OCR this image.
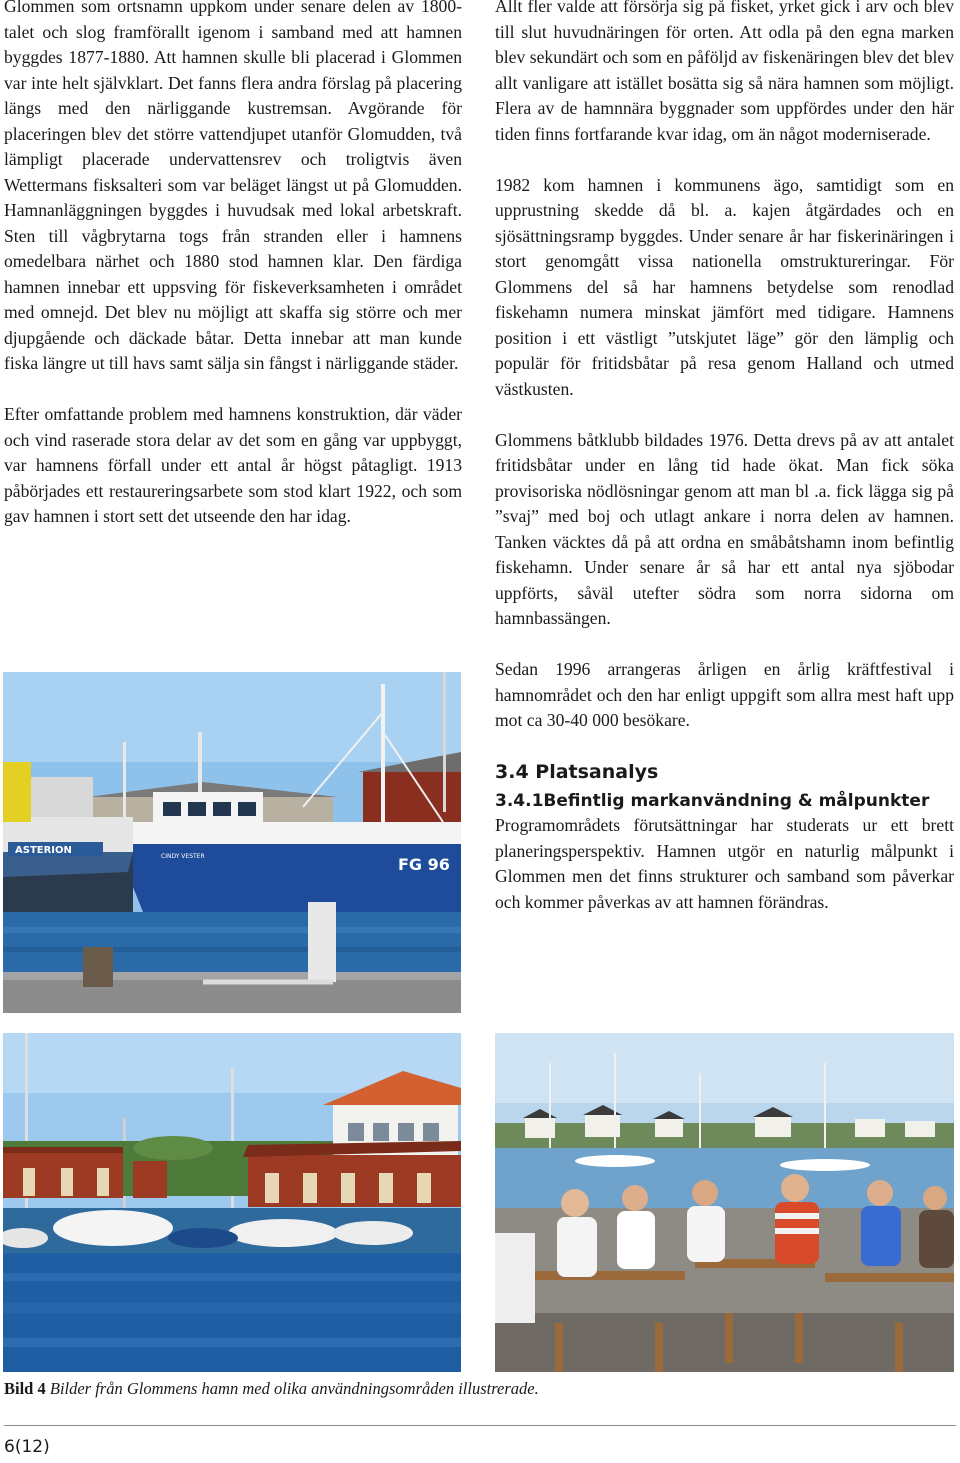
Glommen som ortsnamn uppkom under senare delen av 1800-talet och slog framförallt igenom i samband med att hamnen byggdes 1877-1880. Att hamnen skulle bli placerad i Glommen var inte helt självklart. Det fanns flera andra förslag på placering längs med den närliggande kustremsan. Avgörande för placeringen blev det större vattendjupet utanför Glomudden, två lämpligt placerade undervattensrev och troligtvis även Wettermans fisksalteri som var beläget längst ut på Glomudden. Hamnanläggningen byggdes i huvudsak med lokal arbetskraft. Sten till vågbrytarna togs från stranden eller i hamnens omedelbara närhet och 1880 stod hamnen klar. Den färdiga hamnen innebar ett uppsving för fiskeverksamheten i området med omnejd. Det blev nu möjligt att skaffa sig större och mer djupgående och däckade båtar. Detta innebar att man kunde fiska längre ut till havs samt sälja sin fångst i närliggande städer.

Efter omfattande problem med hamnens konstruktion, där väder och vind raserade stora delar av det som en gång var uppbyggt, var hamnens förfall under ett antal år högst påtagligt. 1913 påbörjades ett restaureringsarbete som stod klart 1922, och som gav hamnen i stort sett det utseende den har idag.

Allt fler valde att försörja sig på fisket, yrket gick i arv och blev till slut huvudnäringen för orten. Att odla på den egna marken blev sekundärt och som en påföljd av fiskenäringen blev det blev allt vanligare att istället bosätta sig så nära hamnen som möjligt. Flera av de hamnnära byggnader som uppfördes under den här tiden finns fortfarande kvar idag, om än något moderniserade.

1982 kom hamnen i kommunens ägo, samtidigt som en upprustning skedde då bl. a. kajen åtgärdades och en sjösättningsramp byggdes. Under senare år har fiskerinäringen i stort genomgått vissa nationella omstruktureringar. För Glommens del så har hamnens betydelse som renodlad fiskehamn numera minskat jämfört med tidigare. Hamnens position i ett västligt ”utskjutet läge” gör den lämplig och populär för fritidsbåtar på resa genom Halland och utmed västkusten.

Glommens båtklubb bildades 1976. Detta drevs på av att antalet fritidsbåtar under en lång tid hade ökat. Man fick söka provisoriska nödlösningar genom att man bl .a. fick lägga sig på ”svaj” med boj och utlagt ankare i norra delen av hamnen. Tanken väcktes då på att ordna en småbåtshamn inom befintlig fiskehamn. Under senare år så har ett antal nya sjöbodar uppförts, såväl utefter södra som norra sidorna om hamnbassängen.

Sedan 1996 arrangeras årligen en årlig kräftfestival i hamnområdet och den har enligt uppgift som allra mest haft upp mot ca 30-40 000 besökare.

3.4 Platsanalys
3.4.1Befintlig markanvändning & målpunkter

Programområdets förutsättningar har studerats ur ett brett planeringsperspektiv. Hamnen utgör en naturlig målpunkt i Glommen men det finns strukturer och samband som påverkar och kommer påverkas av att hamnen förändras.

FG 96
CINDY VESTER
ASTERION
Bild 4 Bilder från Glommens hamn med olika användningsområden illustrerade.
6(12)
